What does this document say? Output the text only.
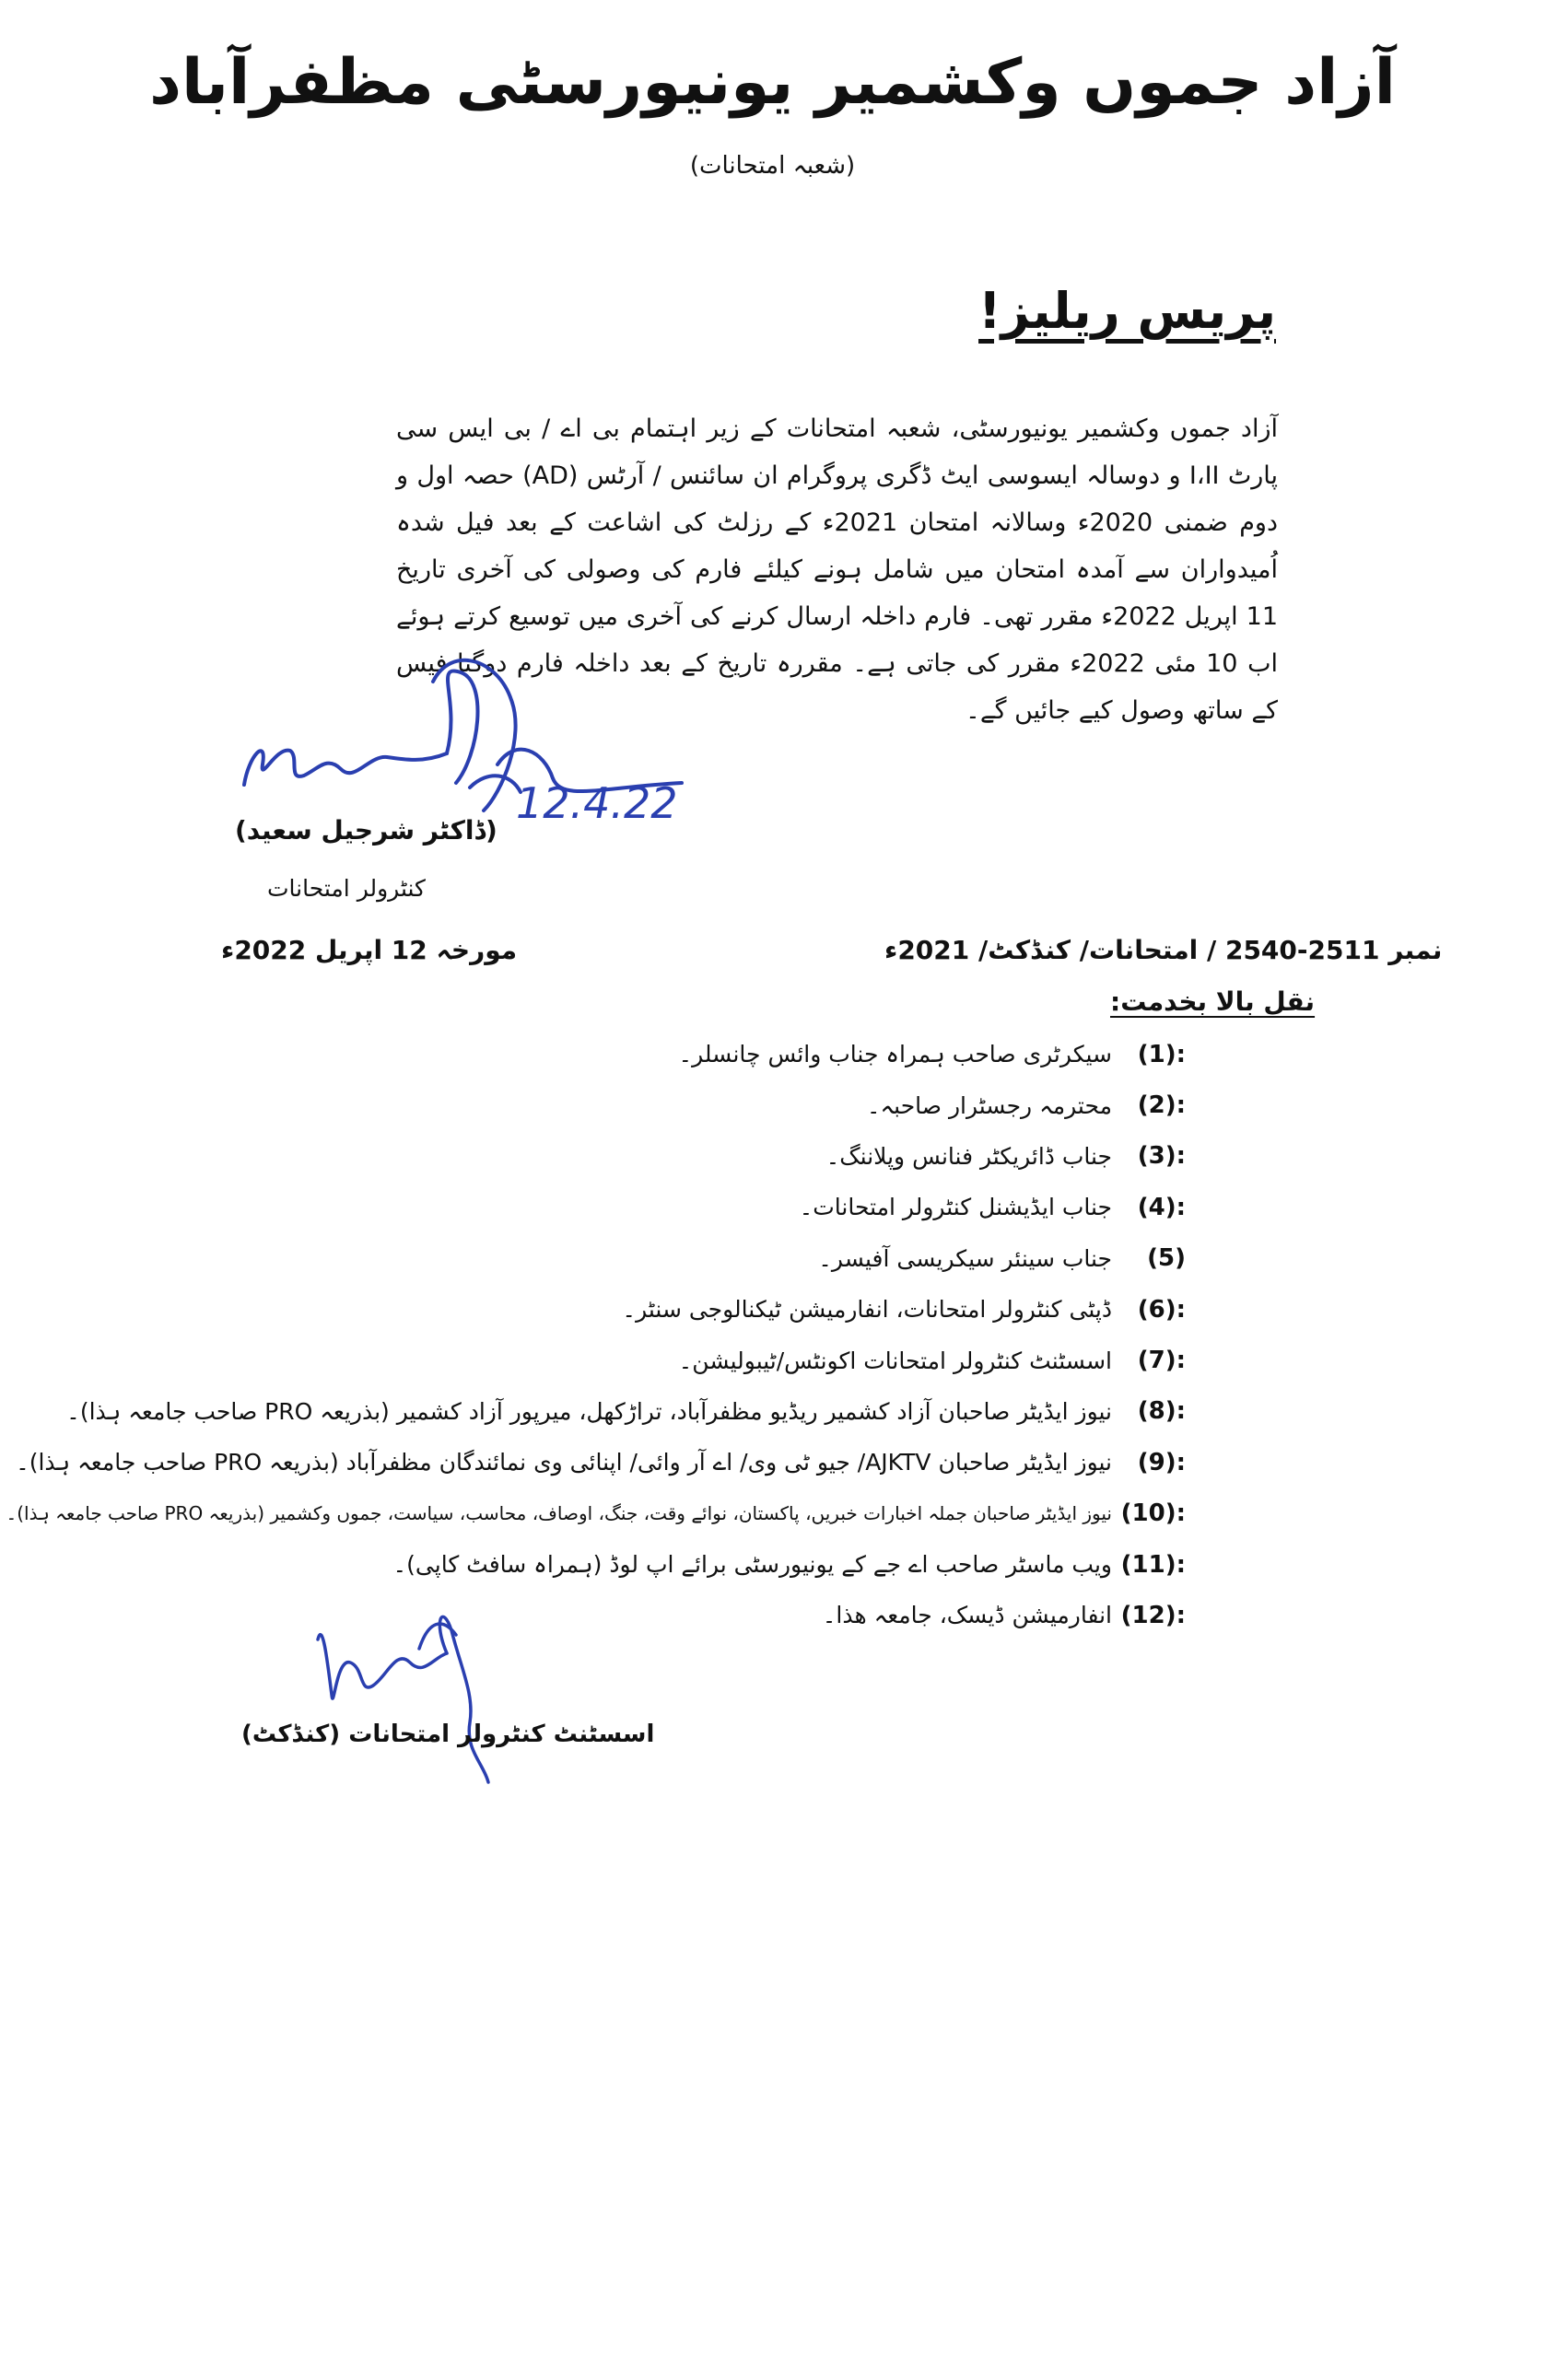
آزاد جموں وکشمیر یونیورسٹی مظفرآباد
(شعبہ امتحانات)
پریس ریلیز!
آزاد جموں وکشمیر یونیورسٹی، شعبہ امتحانات کے زیر اہتمام بی اے / بی ایس سی پارٹ I،II و دوسالہ ایسوسی ایٹ ڈگری پروگرام ان سائنس / آرٹس (AD) حصہ اول و دوم ضمنی 2020ء وسالانہ امتحان 2021ء کے رزلٹ کی اشاعت کے بعد فیل شدہ اُمیدواران سے آمدہ امتحان میں شامل ہونے کیلئے فارم کی وصولی کی آخری تاریخ 11 اپریل 2022ء مقرر تھی۔ فارم داخلہ ارسال کرنے کی آخری میں توسیع کرتے ہوئے اب 10 مئی 2022ء مقرر کی جاتی ہے۔ مقررہ تاریخ کے بعد داخلہ فارم دوگنا فیس کے ساتھ وصول کیے جائیں گے۔
12.4.22
(ڈاکٹر شرجیل سعید)
کنٹرولر امتحانات
نمبر 2511-2540 / امتحانات/ کنڈکٹ/ 2021ء
مورخہ 12 اپریل 2022ء
نقل بالا بخدمت:
(1):
سیکرٹری صاحب ہمراہ جناب وائس چانسلر۔
(2):
محترمہ رجسٹرار صاحبہ۔
(3):
جناب ڈائریکٹر فنانس وپلاننگ۔
(4):
جناب ایڈیشنل کنٹرولر امتحانات۔
(5)
جناب سینئر سیکریسی آفیسر۔
(6):
ڈپٹی کنٹرولر امتحانات، انفارمیشن ٹیکنالوجی سنٹر۔
(7):
اسسٹنٹ کنٹرولر امتحانات اکونٹس/ٹیبولیشن۔
(8):
نیوز ایڈیٹر صاحبان آزاد کشمیر ریڈیو مظفرآباد، تراڑکھل، میرپور آزاد کشمیر (بذریعہ PRO صاحب جامعہ ہذا)۔
(9):
نیوز ایڈیٹر صاحبان AJKTV/ جیو ٹی وی/ اے آر وائی/ اپنائی وی نمائندگان مظفرآباد (بذریعہ PRO صاحب جامعہ ہذا)۔
(10):
نیوز ایڈیٹر صاحبان جملہ اخبارات خبریں، پاکستان، نوائے وقت، جنگ، اوصاف، محاسب، سیاست، جموں وکشمیر (بذریعہ PRO صاحب جامعہ ہذا)۔
(11):
ویب ماسٹر صاحب اے جے کے یونیورسٹی برائے اپ لوڈ (ہمراہ سافٹ کاپی)۔
(12):
انفارمیشن ڈیسک، جامعہ ھذا۔
اسسٹنٹ کنٹرولر امتحانات (کنڈکٹ)
